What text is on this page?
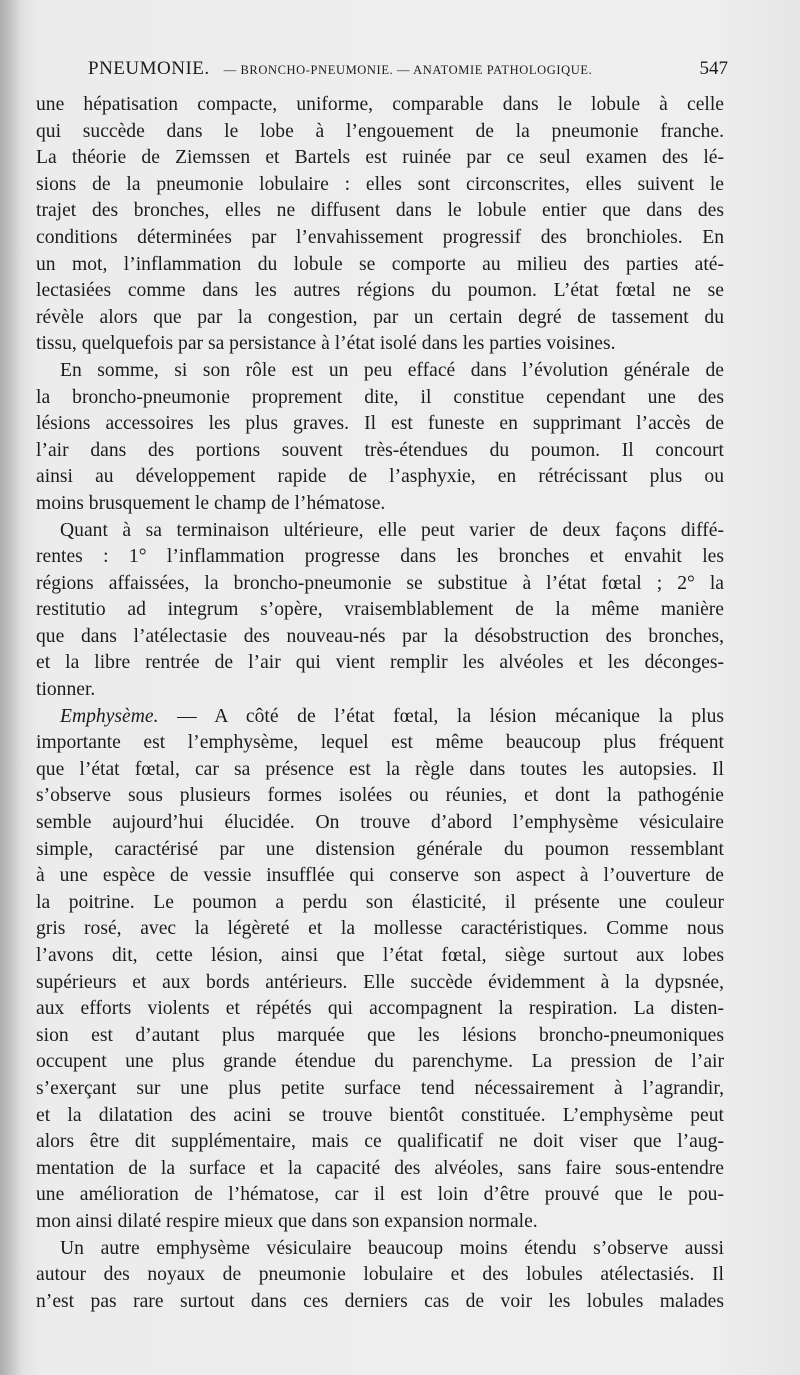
PNEUMONIE. — BRONCHO-PNEUMONIE. — ANATOMIE PATHOLOGIQUE.	547
une hépatisation compacte, uniforme, comparable dans le lobule à celle
qui succède dans le lobe à l’engouement de la pneumonie franche.
La théorie de Ziemssen et Bartels est ruinée par ce seul examen des lé-
sions de la pneumonie lobulaire : elles sont circonscrites, elles suivent le
trajet des bronches, elles ne diffusent dans le lobule entier que dans des
conditions déterminées par l’envahissement progressif des bronchioles. En
un mot, l’inflammation du lobule se comporte au milieu des parties até-
lectasiées comme dans les autres régions du poumon. L’état fœtal ne se
révèle alors que par la congestion, par un certain degré de tassement du
tissu, quelquefois par sa persistance à l’état isolé dans les parties voisines.
En somme, si son rôle est un peu effacé dans l’évolution générale de
la broncho-pneumonie proprement dite, il constitue cependant une des
lésions accessoires les plus graves. Il est funeste en supprimant l’accès de
l’air dans des portions souvent très-étendues du poumon. Il concourt
ainsi au développement rapide de l’asphyxie, en rétrécissant plus ou
moins brusquement le champ de l’hématose.
Quant à sa terminaison ultérieure, elle peut varier de deux façons diffé-
rentes : 1° l’inflammation progresse dans les bronches et envahit les
régions affaissées, la broncho-pneumonie se substitue à l’état fœtal ; 2° la
restitutio ad integrum s’opère, vraisemblablement de la même manière
que dans l’atélectasie des nouveau-nés par la désobstruction des bronches,
et la libre rentrée de l’air qui vient remplir les alvéoles et les déconges-
tionner.
Emphysème. — A côté de l’état fœtal, la lésion mécanique la plus
importante est l’emphysème, lequel est même beaucoup plus fréquent
que l’état fœtal, car sa présence est la règle dans toutes les autopsies. Il
s’observe sous plusieurs formes isolées ou réunies, et dont la pathogénie
semble aujourd’hui élucidée. On trouve d’abord l’emphysème vésiculaire
simple, caractérisé par une distension générale du poumon ressemblant
à une espèce de vessie insufflée qui conserve son aspect à l’ouverture de
la poitrine. Le poumon a perdu son élasticité, il présente une couleur
gris rosé, avec la légèreté et la mollesse caractéristiques. Comme nous
l’avons dit, cette lésion, ainsi que l’état fœtal, siège surtout aux lobes
supérieurs et aux bords antérieurs. Elle succède évidemment à la dypsnée,
aux efforts violents et répétés qui accompagnent la respiration. La disten-
sion est d’autant plus marquée que les lésions broncho-pneumoniques
occupent une plus grande étendue du parenchyme. La pression de l’air
s’exerçant sur une plus petite surface tend nécessairement à l’agrandir,
et la dilatation des acini se trouve bientôt constituée. L’emphysème peut
alors être dit supplémentaire, mais ce qualificatif ne doit viser que l’aug-
mentation de la surface et la capacité des alvéoles, sans faire sous-entendre
une amélioration de l’hématose, car il est loin d’être prouvé que le pou-
mon ainsi dilaté respire mieux que dans son expansion normale.
Un autre emphysème vésiculaire beaucoup moins étendu s’observe aussi
autour des noyaux de pneumonie lobulaire et des lobules atélectasiés. Il
n’est pas rare surtout dans ces derniers cas de voir les lobules malades
